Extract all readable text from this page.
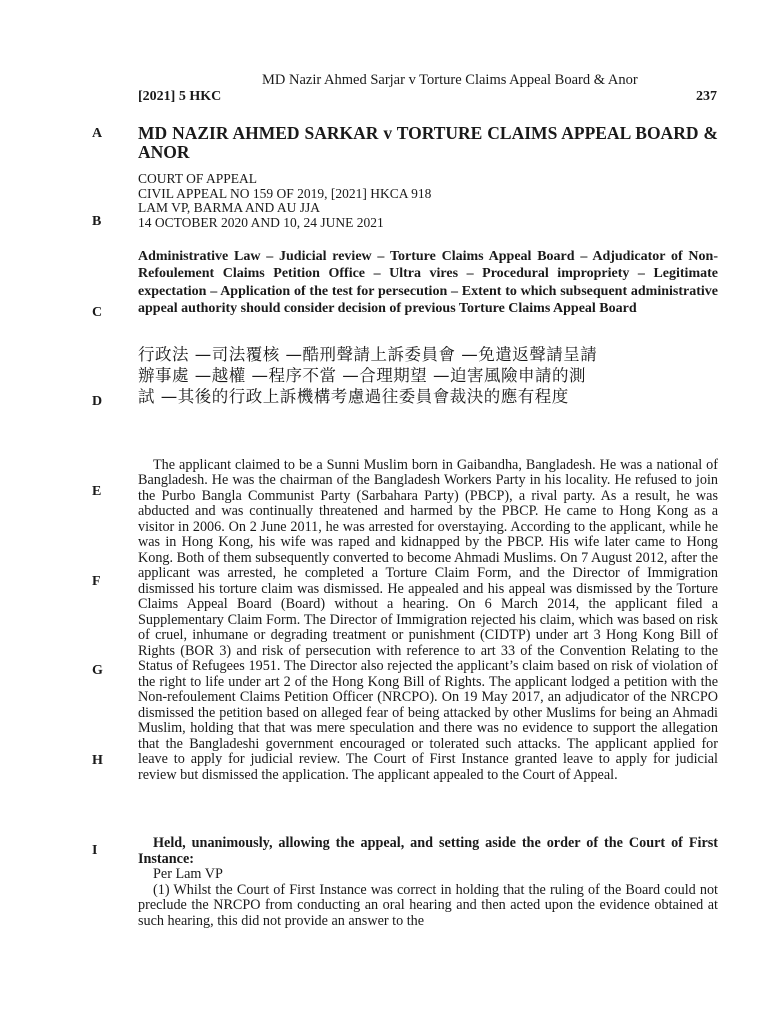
MD Nazir Ahmed Sarjar v Torture Claims Appeal Board & Anor
[2021] 5 HKC	237
A
B
C
D
E
F
G
H
I
MD NAZIR AHMED SARKAR v TORTURE CLAIMS APPEAL BOARD & ANOR
COURT OF APPEAL
CIVIL APPEAL NO 159 OF 2019, [2021] HKCA 918
LAM VP, BARMA AND AU JJA
14 OCTOBER 2020 AND 10, 24 JUNE 2021
Administrative Law – Judicial review – Torture Claims Appeal Board – Adjudicator of Non-Refoulement Claims Petition Office – Ultra vires – Procedural impropriety – Legitimate expectation – Application of the test for persecution – Extent to which subsequent administrative appeal authority should consider decision of previous Torture Claims Appeal Board
行政法 —司法覆核 —酷刑聲請上訴委員會 —免遣返聲請呈請
辦事處 —越權 —程序不當 —合理期望 —迫害風險申請的測
試 —其後的行政上訴機構考慮過往委員會裁決的應有程度

The applicant claimed to be a Sunni Muslim born in Gaibandha, Bangladesh. He was a national of Bangladesh. He was the chairman of the Bangladesh Workers Party in his locality. He refused to join the Purbo Bangla Communist Party (Sarbahara Party) (PBCP), a rival party. As a result, he was abducted and was continually threatened and harmed by the PBCP. He came to Hong Kong as a visitor in 2006. On 2 June 2011, he was arrested for overstaying. According to the applicant, while he was in Hong Kong, his wife was raped and kidnapped by the PBCP. His wife later came to Hong Kong. Both of them subsequently converted to become Ahmadi Muslims. On 7 August 2012, after the applicant was arrested, he completed a Torture Claim Form, and the Director of Immigration dismissed his torture claim was dismissed. He appealed and his appeal was dismissed by the Torture Claims Appeal Board (Board) without a hearing. On 6 March 2014, the applicant filed a Supplementary Claim Form. The Director of Immigration rejected his claim, which was based on risk of cruel, inhumane or degrading treatment or punishment (CIDTP) under art 3 Hong Kong Bill of Rights (BOR 3) and risk of persecution with reference to art 33 of the Convention Relating to the Status of Refugees 1951. The Director also rejected the applicant’s claim based on risk of violation of the right to life under art 2 of the Hong Kong Bill of Rights. The applicant lodged a petition with the Non-refoulement Claims Petition Officer (NRCPO). On 19 May 2017, an adjudicator of the NRCPO dismissed the petition based on alleged fear of being attacked by other Muslims for being an Ahmadi Muslim, holding that that was mere speculation and there was no evidence to support the allegation that the Bangladeshi government encouraged or tolerated such attacks. The applicant applied for leave to apply for judicial review. The Court of First Instance granted leave to apply for judicial review but dismissed the application. The applicant appealed to the Court of Appeal.

Held, unanimously, allowing the appeal, and setting aside the order of the Court of First Instance:

Per Lam VP

(1) Whilst the Court of First Instance was correct in holding that the ruling of the Board could not preclude the NRCPO from conducting an oral hearing and then acted upon the evidence obtained at such hearing, this did not provide an answer to the
